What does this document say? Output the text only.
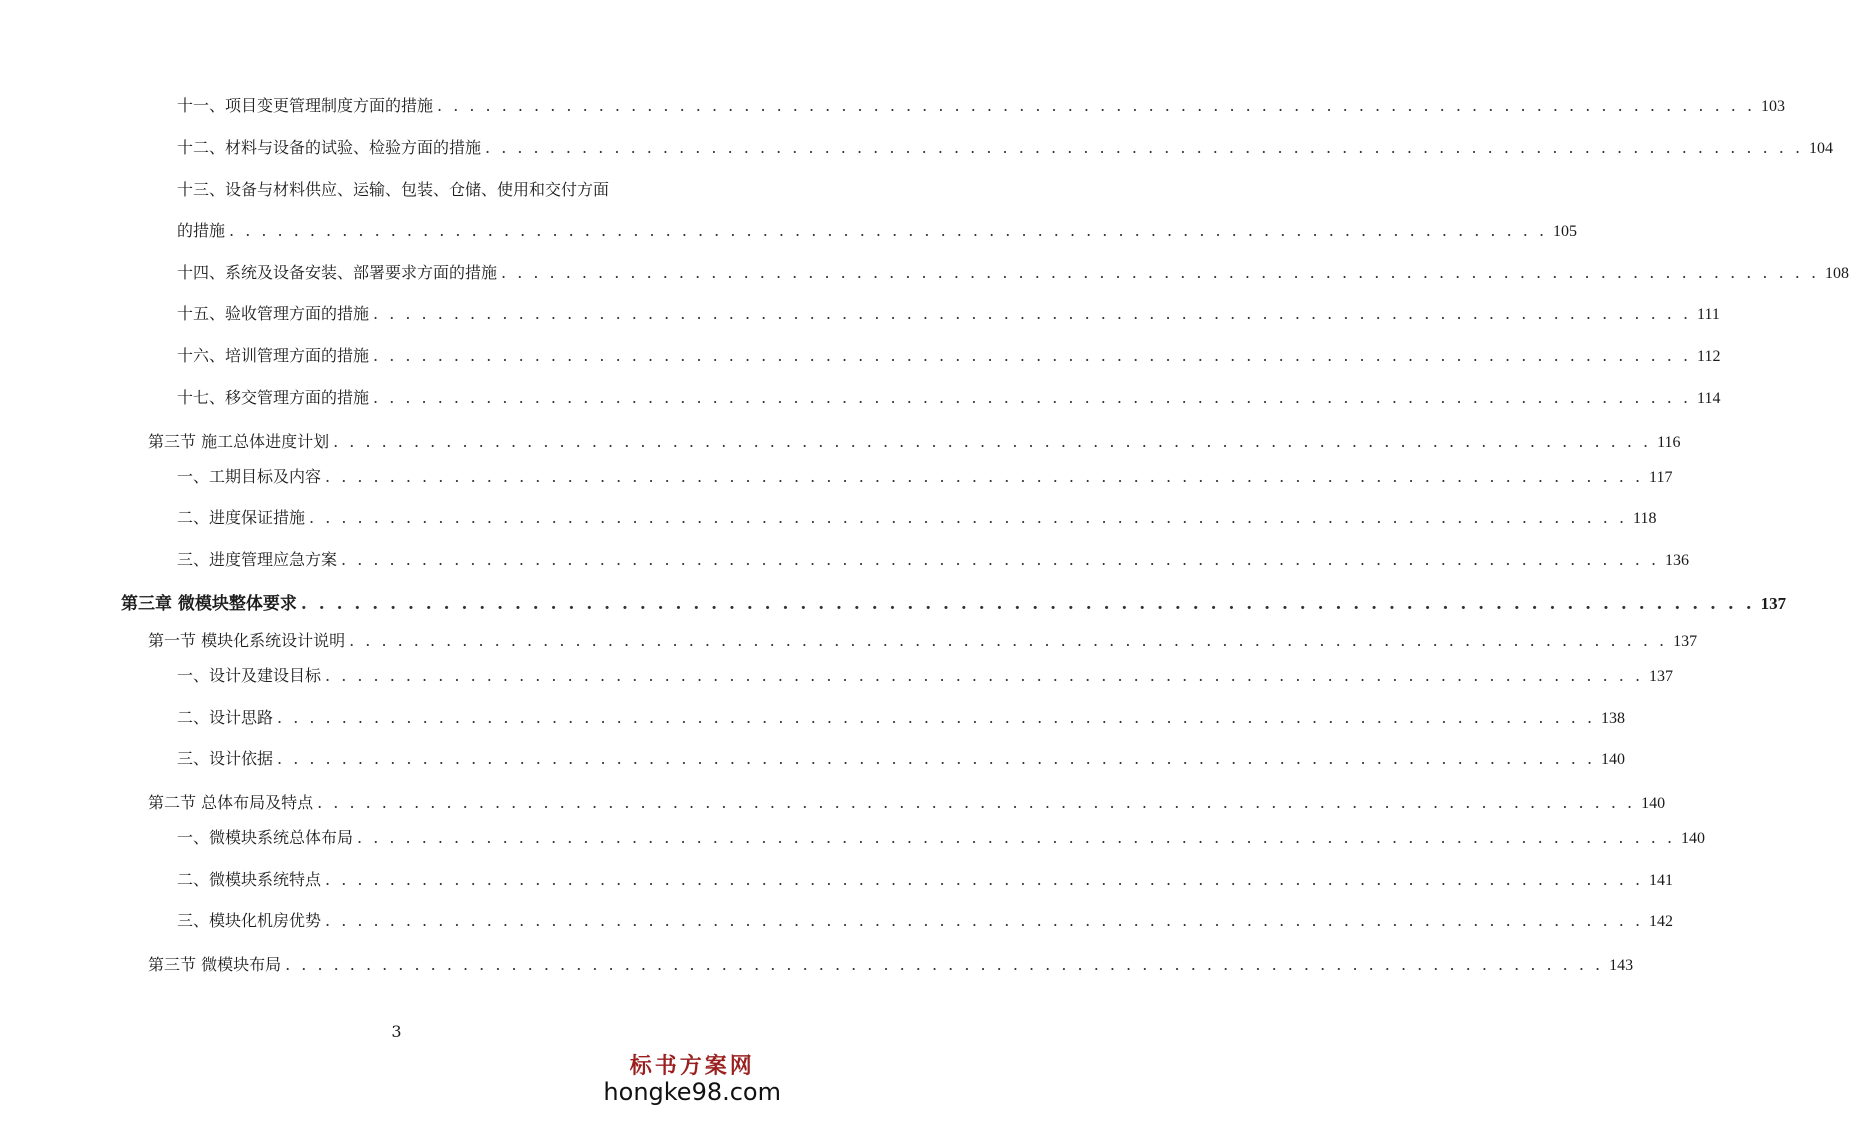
十一、项目变更管理制度方面的措施 . . . . . . . . . . . . . . . . . . . . . . . . . . . . . . . . . . . . . . . . . . . . . . . . . . . . . . . . . . . . . . . . . . . . . . . . . . . . . . . . . . 103
十二、材料与设备的试验、检验方面的措施 . . . . . . . . . . . . . . . . . . . . . . . . . . . . . . . . . . . . . . . . . . . . . . . . . . . . . . . . . . . . . . . . . . . . . . . . . . . . . . . . . . 104
十三、设备与材料供应、运输、包装、仓储、使用和交付方面
的措施 . . . . . . . . . . . . . . . . . . . . . . . . . . . . . . . . . . . . . . . . . . . . . . . . . . . . . . . . . . . . . . . . . . . . . . . . . . . . . . . . . . 105
十四、系统及设备安装、部署要求方面的措施 . . . . . . . . . . . . . . . . . . . . . . . . . . . . . . . . . . . . . . . . . . . . . . . . . . . . . . . . . . . . . . . . . . . . . . . . . . . . . . . . . . 108
十五、验收管理方面的措施 . . . . . . . . . . . . . . . . . . . . . . . . . . . . . . . . . . . . . . . . . . . . . . . . . . . . . . . . . . . . . . . . . . . . . . . . . . . . . . . . . . 111
十六、培训管理方面的措施 . . . . . . . . . . . . . . . . . . . . . . . . . . . . . . . . . . . . . . . . . . . . . . . . . . . . . . . . . . . . . . . . . . . . . . . . . . . . . . . . . . 112
十七、移交管理方面的措施 . . . . . . . . . . . . . . . . . . . . . . . . . . . . . . . . . . . . . . . . . . . . . . . . . . . . . . . . . . . . . . . . . . . . . . . . . . . . . . . . . . 114
第三节 施工总体进度计划 . . . . . . . . . . . . . . . . . . . . . . . . . . . . . . . . . . . . . . . . . . . . . . . . . . . . . . . . . . . . . . . . . . . . . . . . . . . . . . . . . . 116
一、工期目标及内容 . . . . . . . . . . . . . . . . . . . . . . . . . . . . . . . . . . . . . . . . . . . . . . . . . . . . . . . . . . . . . . . . . . . . . . . . . . . . . . . . . . 117
二、进度保证措施 . . . . . . . . . . . . . . . . . . . . . . . . . . . . . . . . . . . . . . . . . . . . . . . . . . . . . . . . . . . . . . . . . . . . . . . . . . . . . . . . . . 118
三、进度管理应急方案 . . . . . . . . . . . . . . . . . . . . . . . . . . . . . . . . . . . . . . . . . . . . . . . . . . . . . . . . . . . . . . . . . . . . . . . . . . . . . . . . . . 136
第三章 微模块整体要求 . . . . . . . . . . . . . . . . . . . . . . . . . . . . . . . . . . . . . . . . . . . . . . . . . . . . . . . . . . . . . . . . . . . . . . . . . . . . . . . . . . 137
第一节 模块化系统设计说明 . . . . . . . . . . . . . . . . . . . . . . . . . . . . . . . . . . . . . . . . . . . . . . . . . . . . . . . . . . . . . . . . . . . . . . . . . . . . . . . . . . 137
一、设计及建设目标 . . . . . . . . . . . . . . . . . . . . . . . . . . . . . . . . . . . . . . . . . . . . . . . . . . . . . . . . . . . . . . . . . . . . . . . . . . . . . . . . . . 137
二、设计思路 . . . . . . . . . . . . . . . . . . . . . . . . . . . . . . . . . . . . . . . . . . . . . . . . . . . . . . . . . . . . . . . . . . . . . . . . . . . . . . . . . . 138
三、设计依据 . . . . . . . . . . . . . . . . . . . . . . . . . . . . . . . . . . . . . . . . . . . . . . . . . . . . . . . . . . . . . . . . . . . . . . . . . . . . . . . . . . 140
第二节 总体布局及特点 . . . . . . . . . . . . . . . . . . . . . . . . . . . . . . . . . . . . . . . . . . . . . . . . . . . . . . . . . . . . . . . . . . . . . . . . . . . . . . . . . . 140
一、微模块系统总体布局 . . . . . . . . . . . . . . . . . . . . . . . . . . . . . . . . . . . . . . . . . . . . . . . . . . . . . . . . . . . . . . . . . . . . . . . . . . . . . . . . . . 140
二、微模块系统特点 . . . . . . . . . . . . . . . . . . . . . . . . . . . . . . . . . . . . . . . . . . . . . . . . . . . . . . . . . . . . . . . . . . . . . . . . . . . . . . . . . . 141
三、模块化机房优势 . . . . . . . . . . . . . . . . . . . . . . . . . . . . . . . . . . . . . . . . . . . . . . . . . . . . . . . . . . . . . . . . . . . . . . . . . . . . . . . . . . 142
第三节 微模块布局 . . . . . . . . . . . . . . . . . . . . . . . . . . . . . . . . . . . . . . . . . . . . . . . . . . . . . . . . . . . . . . . . . . . . . . . . . . . . . . . . . . 143
3
标书方案网
hongke98.com
